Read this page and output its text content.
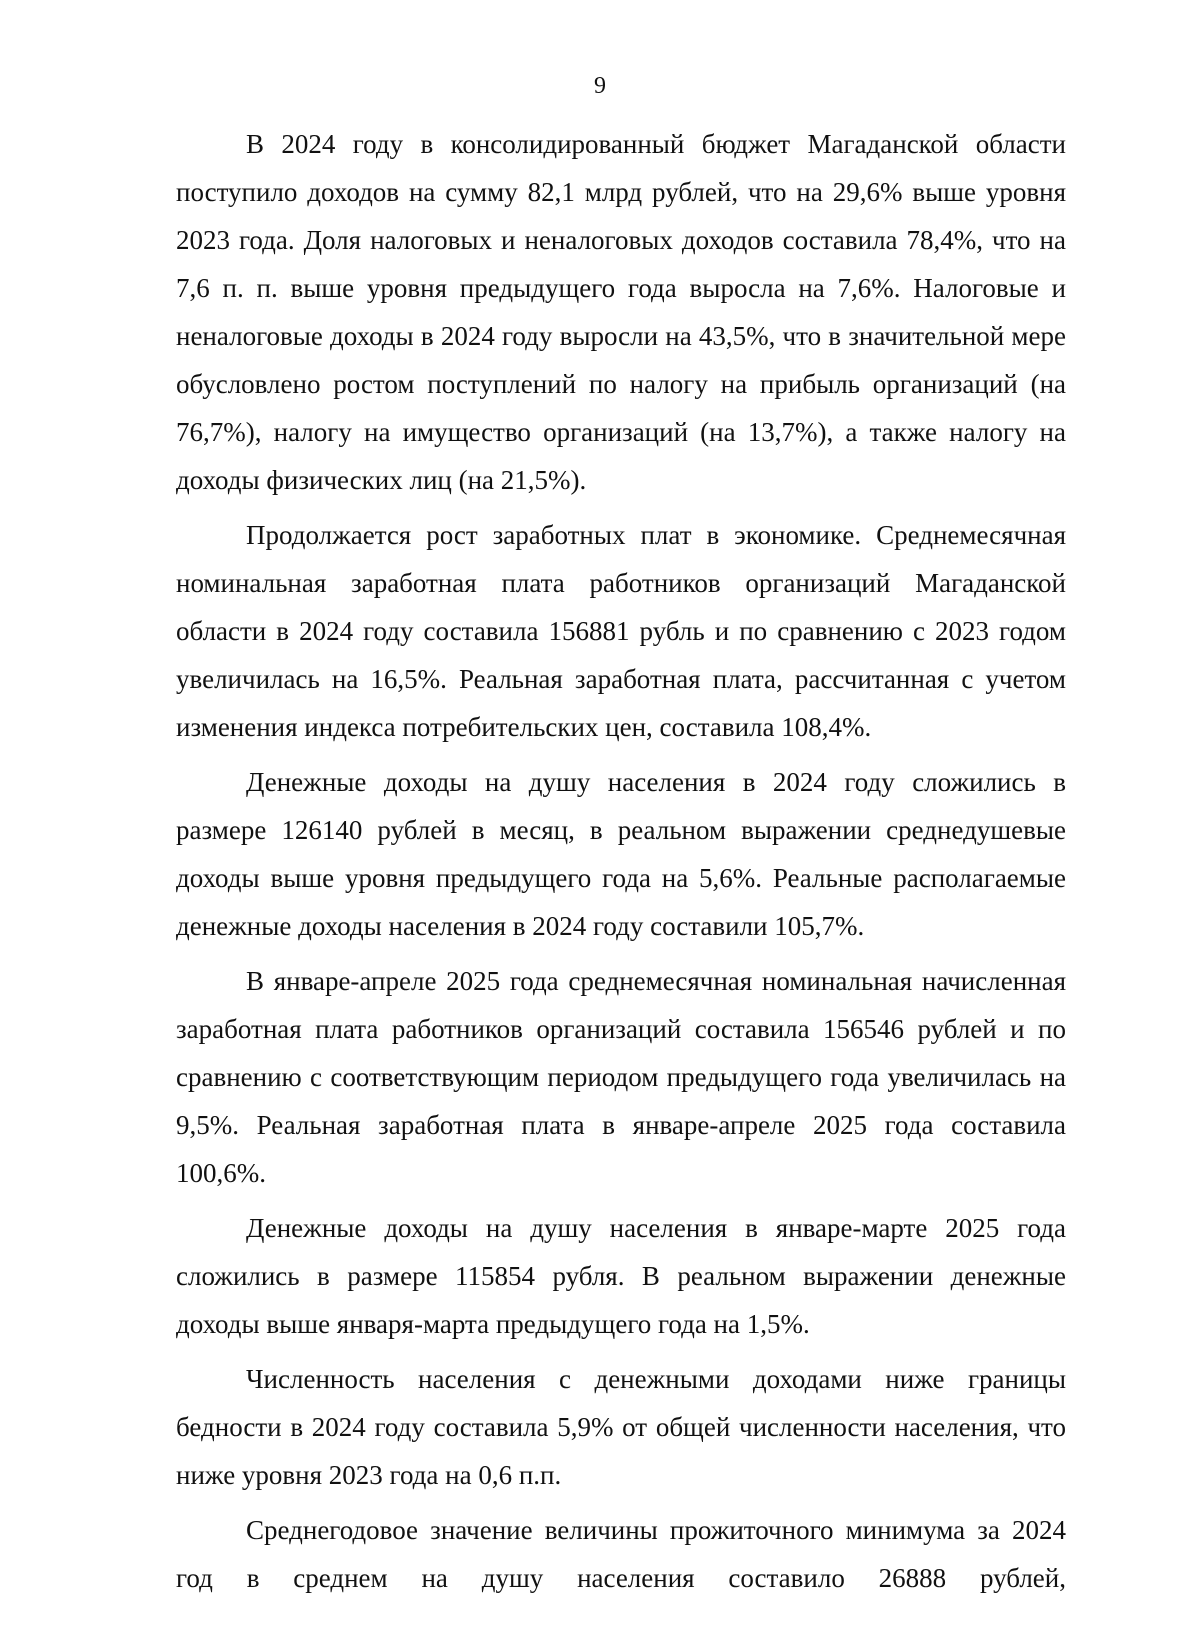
9

В 2024 году в консолидированный бюджет Магаданской области поступило доходов на сумму 82,1 млрд рублей, что на 29,6% выше уровня 2023 года. Доля налоговых и неналоговых доходов составила 78,4%, что на 7,6 п. п. выше уровня предыдущего года выросла на 7,6%. Налоговые и неналоговые доходы в 2024 году выросли на 43,5%, что в значительной мере обусловлено ростом поступлений по налогу на прибыль организаций (на 76,7%), налогу на имущество организаций (на 13,7%), а также налогу на доходы физических лиц (на 21,5%).

Продолжается рост заработных плат в экономике. Среднемесячная номинальная заработная плата работников организаций Магаданской области в 2024 году составила 156881 рубль и по сравнению с 2023 годом увеличилась на 16,5%. Реальная заработная плата, рассчитанная с учетом изменения индекса потребительских цен, составила 108,4%.

Денежные доходы на душу населения в 2024 году сложились в размере 126140 рублей в месяц, в реальном выражении среднедушевые доходы выше уровня предыдущего года на 5,6%. Реальные располагаемые денежные доходы населения в 2024 году составили 105,7%.

В январе-апреле 2025 года среднемесячная номинальная начисленная заработная плата работников организаций составила 156546 рублей и по сравнению с соответствующим периодом предыдущего года увеличилась на 9,5%. Реальная заработная плата в январе-апреле 2025 года составила 100,6%.

Денежные доходы на душу населения в январе-марте 2025 года сложились в размере 115854 рубля. В реальном выражении денежные доходы выше января-марта предыдущего года на 1,5%.

Численность населения с денежными доходами ниже границы бедности в 2024 году составила 5,9% от общей численности населения, что ниже уровня 2023 года на 0,6 п.п.

Среднегодовое значение величины прожиточного минимума за 2024 год в среднем на душу населения составило 26888 рублей,
